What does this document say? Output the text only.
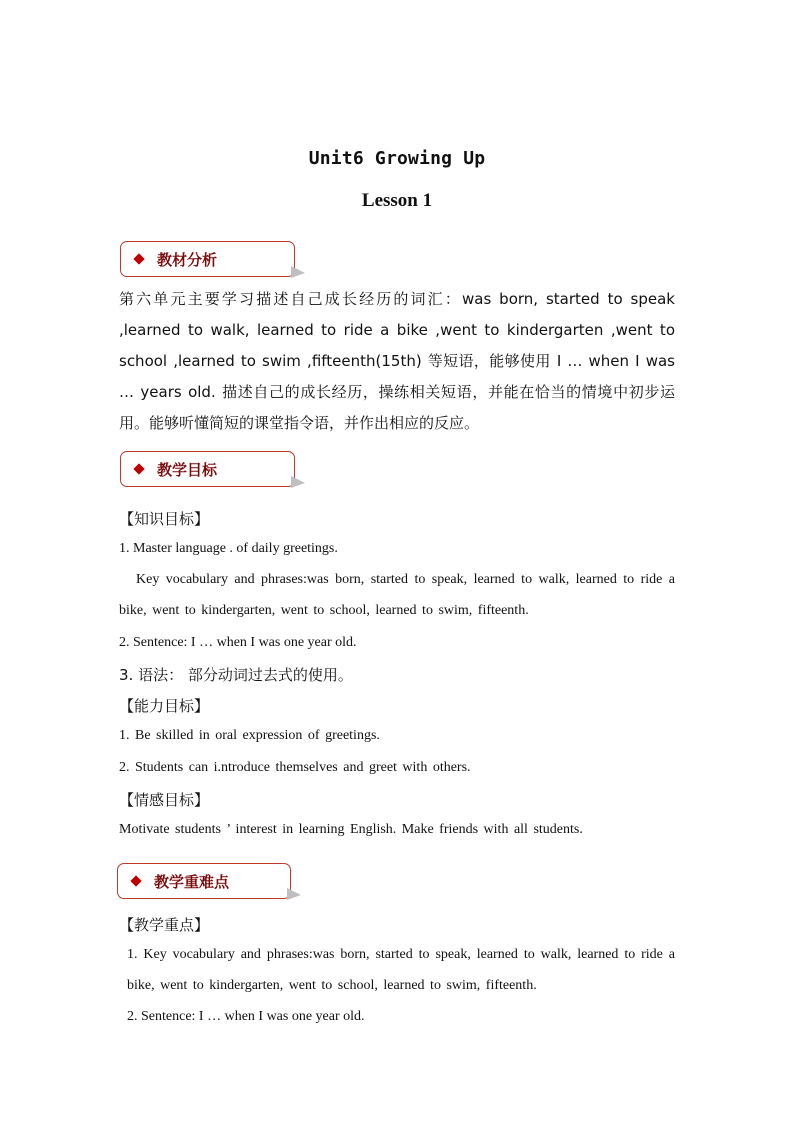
Unit6 Growing Up
Lesson 1
教材分析
第六单元主要学习描述自己成长经历的词汇：was born, started to speak ,learned to walk, learned to ride a bike ,went to kindergarten ,went to school ,learned to swim ,fifteenth(15th) 等短语，能够使用 I … when I was … years old. 描述自己的成长经历，操练相关短语，并能在恰当的情境中初步运用。能够听懂简短的课堂指令语，并作出相应的反应。
教学目标
【知识目标】
1. Master language . of daily greetings.
Key vocabulary and phrases:was born, started to speak, learned to walk, learned to ride a bike, went to kindergarten, went to school, learned to swim, fifteenth.
2. Sentence: I … when I was one year old.
3. 语法： 部分动词过去式的使用。
【能力目标】
1. Be skilled in oral expression of greetings.
2. Students can i.ntroduce themselves and greet with others.
【情感目标】
Motivate students ’ interest in learning English. Make friends with all students.
教学重难点
【教学重点】
1. Key vocabulary and phrases:was born, started to speak, learned to walk, learned to ride a bike, went to kindergarten, went to school, learned to swim, fifteenth.
2. Sentence: I … when I was one year old.
